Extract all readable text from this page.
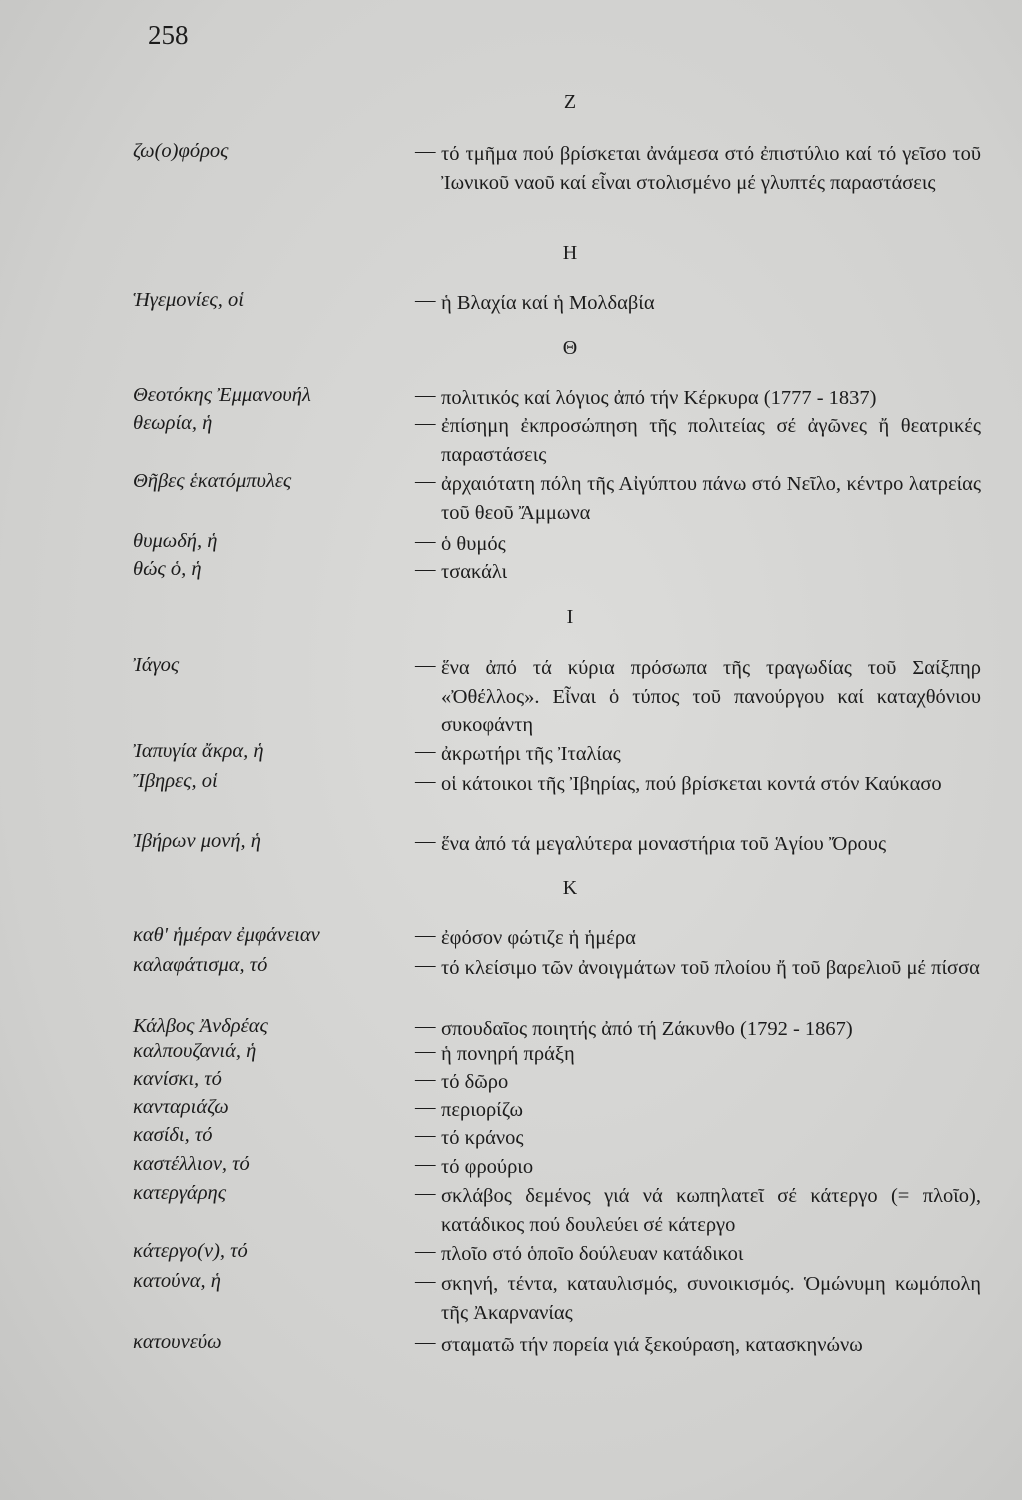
258
Z
ζω(ο)φόρος	— τό τμῆμα πού βρίσκεται ἀνάμεσα στό ἐπιστύλιο καί τό γεῖσο τοῦ Ἰωνικοῦ ναοῦ καί εἶναι στολισμένο μέ γλυπτές παραστάσεις
H
Ἡγεμονίες, οἱ	— ἡ Βλαχία καί ἡ Μολδαβία
Θ
Θεοτόκης Ἐμμανουήλ	— πολιτικός καί λόγιος ἀπό τήν Κέρκυρα (1777 - 1837)
θεωρία, ἡ	— ἐπίσημη ἐκπροσώπηση τῆς πολιτείας σέ ἀγῶνες ἤ θεατρικές παραστάσεις
Θῆβες ἑκατόμπυλες	— ἀρχαιότατη πόλη τῆς Αἰγύπτου πάνω στό Νεῖλο, κέντρο λατρείας τοῦ θεοῦ Ἄμμωνα
θυμωδή, ἡ	— ὁ θυμός
θώς ὁ, ἡ	— τσακάλι
I
Ἰάγος	— ἕνα ἀπό τά κύρια πρόσωπα τῆς τραγωδίας τοῦ Σαίξπηρ «Ὀθέλλος». Εἶναι ὁ τύπος τοῦ πανούργου καί καταχθόνιου συκοφάντη
Ἰαπυγία ἄκρα, ἡ	— ἀκρωτήρι τῆς Ἰταλίας
Ἴβηρες, οἱ	— οἱ κάτοικοι τῆς Ἰβηρίας, πού βρίσκεται κοντά στόν Καύκασο
Ἰβήρων μονή, ἡ	— ἕνα ἀπό τά μεγαλύτερα μοναστήρια τοῦ Ἁγίου Ὄρους
K
καθ' ἡμέραν ἐμφάνειαν	— ἐφόσον φώτιζε ἡ ἡμέρα
καλαφάτισμα, τό	— τό κλείσιμο τῶν ἀνοιγμάτων τοῦ πλοίου ἤ τοῦ βαρελιοῦ μέ πίσσα
Κάλβος Ἀνδρέας	— σπουδαῖος ποιητής ἀπό τή Ζάκυνθο (1792 - 1867)
καλπουζανιά, ἡ	— ἡ πονηρή πράξη
κανίσκι, τό	— τό δῶρο
κανταριάζω	— περιορίζω
κασίδι, τό	— τό κράνος
καστέλλιον, τό	— τό φρούριο
κατεργάρης	— σκλάβος δεμένος γιά νά κωπηλατεῖ σέ κάτεργο (= πλοῖο), κατάδικος πού δουλεύει σέ κάτεργο
κάτεργο(ν), τό	— πλοῖο στό ὁποῖο δούλευαν κατάδικοι
κατούνα, ἡ	— σκηνή, τέντα, καταυλισμός, συνοικισμός. Ὁμώνυμη κωμόπολη τῆς Ἀκαρνανίας
κατουνεύω	— σταματῶ τήν πορεία γιά ξεκούραση, κατασκηνώνω
